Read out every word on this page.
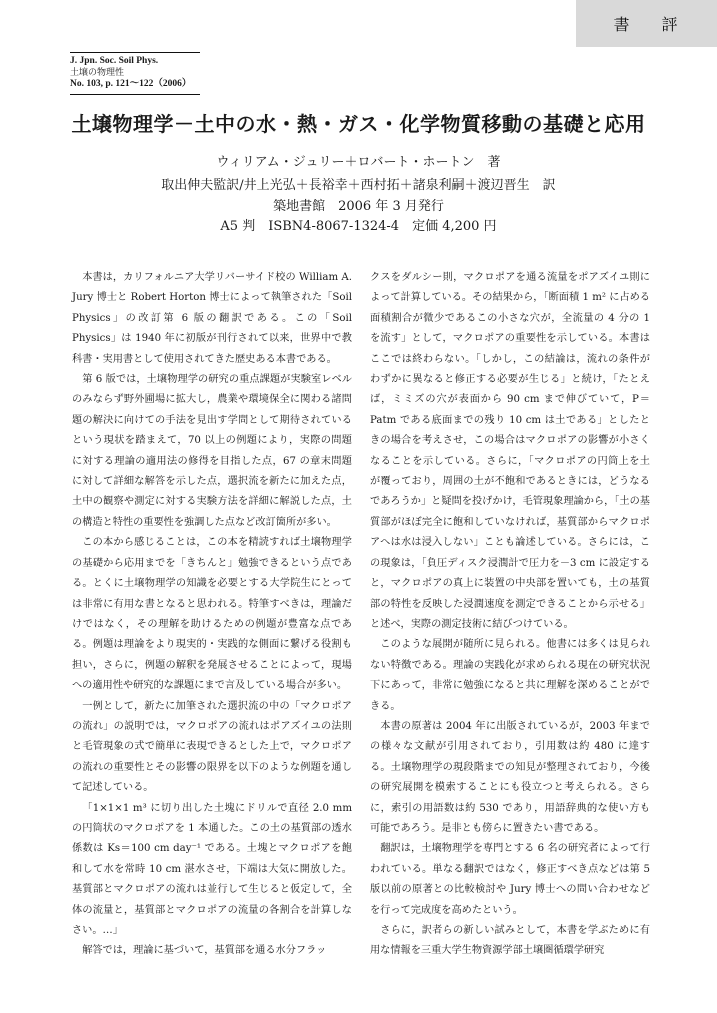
書 評
J. Jpn. Soc. Soil Phys.
土壌の物理性
No. 103, p. 121～122（2006）
土壌物理学－土中の水・熱・ガス・化学物質移動の基礎と応用
ウィリアム・ジュリー＋ロバート・ホートン　著
取出伸夫監訳/井上光弘＋長裕幸＋西村拓＋諸泉利嗣＋渡辺晋生　訳
築地書館　2006 年 3 月発行
A5 判　ISBN4-8067-1324-4　定価 4,200 円

本書は，カリフォルニア大学リバーサイド校の William A. Jury 博士と Robert Horton 博士によって執筆された「Soil Physics」の改訂第 6 版の翻訳である。この「Soil Physics」は 1940 年に初版が刊行されて以来，世界中で教科書・実用書として使用されてきた歴史ある本書である。

第 6 版では，土壌物理学の研究の重点課題が実験室レベルのみならず野外圃場に拡大し，農業や環境保全に関わる諸問題の解決に向けての手法を見出す学問として期待されているという現状を踏まえて，70 以上の例題により，実際の問題に対する理論の適用法の修得を目指した点，67 の章末問題に対して詳細な解答を示した点，選択流を新たに加えた点，土中の観察や測定に対する実験方法を詳細に解説した点，土の構造と特性の重要性を強調した点など改訂箇所が多い。

この本から感じることは，この本を精読すれば土壌物理学の基礎から応用までを「きちんと」勉強できるという点である。とくに土壌物理学の知識を必要とする大学院生にとっては非常に有用な書となると思われる。特筆すべきは，理論だけではなく，その理解を助けるための例題が豊富な点である。例題は理論をより現実的・実践的な側面に繋げる役割も担い，さらに，例題の解釈を発展させることによって，現場への適用性や研究的な課題にまで言及している場合が多い。

一例として，新たに加筆された選択流の中の「マクロポアの流れ」の説明では，マクロポアの流れはポアズイユの法則と毛管現象の式で簡単に表現できるとした上で，マクロポアの流れの重要性とその影響の限界を以下のような例題を通して記述している。

「1×1×1 m³ に切り出した土塊にドリルで直径 2.0 mm の円筒状のマクロポアを 1 本通した。この土の基質部の透水係数は Ks＝100 cm day⁻¹ である。土塊とマクロポアを飽和して水を常時 10 cm 湛水させ，下端は大気に開放した。基質部とマクロポアの流れは並行して生じると仮定して，全体の流量と，基質部とマクロポアの流量の各割合を計算しなさい。…」

解答では，理論に基づいて，基質部を通る水分フラッ

クスをダルシー則，マクロポアを通る流量をポアズイユ則によって計算している。その結果から，「断面積 1 m² に占める面積割合が微少であるこの小さな穴が，全流量の 4 分の 1 を流す」として，マクロポアの重要性を示している。本書はここでは終わらない。「しかし，この結論は，流れの条件がわずかに異なると修正する必要が生じる」と続け，「たとえば，ミミズの穴が表面から 90 cm まで伸びていて，P＝Patm である底面までの残り 10 cm は土である」としたときの場合を考えさせ，この場合はマクロポアの影響が小さくなることを示している。さらに，「マクロポアの円筒上を土が覆っており，周囲の土が不飽和であるときには，どうなるであろうか」と疑問を投げかけ，毛管現象理論から，「土の基質部がほぼ完全に飽和していなければ，基質部からマクロポアへは水は浸入しない」ことも論述している。さらには，この現象は，「負圧ディスク浸潤計で圧力を－3 cm に設定すると，マクロポアの真上に装置の中央部を置いても，土の基質部の特性を反映した浸潤速度を測定できることから示せる」と述べ，実際の測定技術に結びつけている。

このような展開が随所に見られる。他書には多くは見られない特徴である。理論の実践化が求められる現在の研究状況下にあって，非常に勉強になると共に理解を深めることができる。

本書の原著は 2004 年に出版されているが，2003 年までの様々な文献が引用されており，引用数は約 480 に達する。土壌物理学の現段階までの知見が整理されており，今後の研究展開を模索することにも役立つと考えられる。さらに，索引の用語数は約 530 であり，用語辞典的な使い方も可能であろう。是非とも傍らに置きたい書である。

翻訳は，土壌物理学を専門とする 6 名の研究者によって行われている。単なる翻訳ではなく，修正すべき点などは第 5 版以前の原著との比較検討や Jury 博士への問い合わせなどを行って完成度を高めたという。

さらに，訳者らの新しい試みとして，本書を学ぶために有用な情報を三重大学生物資源学部土壌圏循環学研究
